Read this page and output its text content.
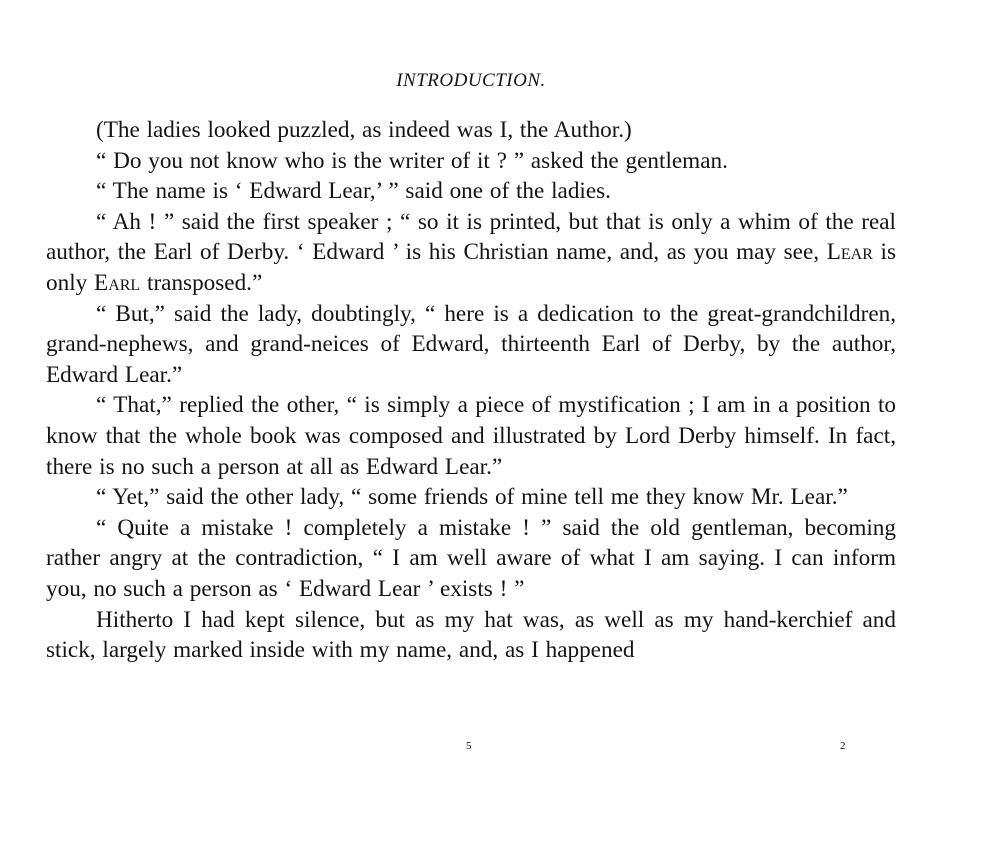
INTRODUCTION.

(The ladies looked puzzled, as indeed was I, the Author.)

“ Do you not know who is the writer of it ? ” asked the gentleman.

“ The name is ‘ Edward Lear,’ ” said one of the ladies.

“ Ah ! ” said the first speaker ; “ so it is printed, but that is only a whim of the real author, the Earl of Derby. ‘ Edward ’ is his Christian name, and, as you may see, Lear is only Earl transposed.”

“ But,” said the lady, doubtingly, “ here is a dedication to the great-grandchildren, grand-nephews, and grand-neices of Edward, thirteenth Earl of Derby, by the author, Edward Lear.”

“ That,” replied the other, “ is simply a piece of mystification ; I am in a position to know that the whole book was composed and illustrated by Lord Derby himself. In fact, there is no such a person at all as Edward Lear.”

“ Yet,” said the other lady, “ some friends of mine tell me they know Mr. Lear.”

“ Quite a mistake ! completely a mistake ! ” said the old gentleman, becoming rather angry at the contradiction, “ I am well aware of what I am saying. I can inform you, no such a person as ‘ Edward Lear ’ exists ! ”

Hitherto I had kept silence, but as my hat was, as well as my hand-kerchief and stick, largely marked inside with my name, and, as I happened

5	2
